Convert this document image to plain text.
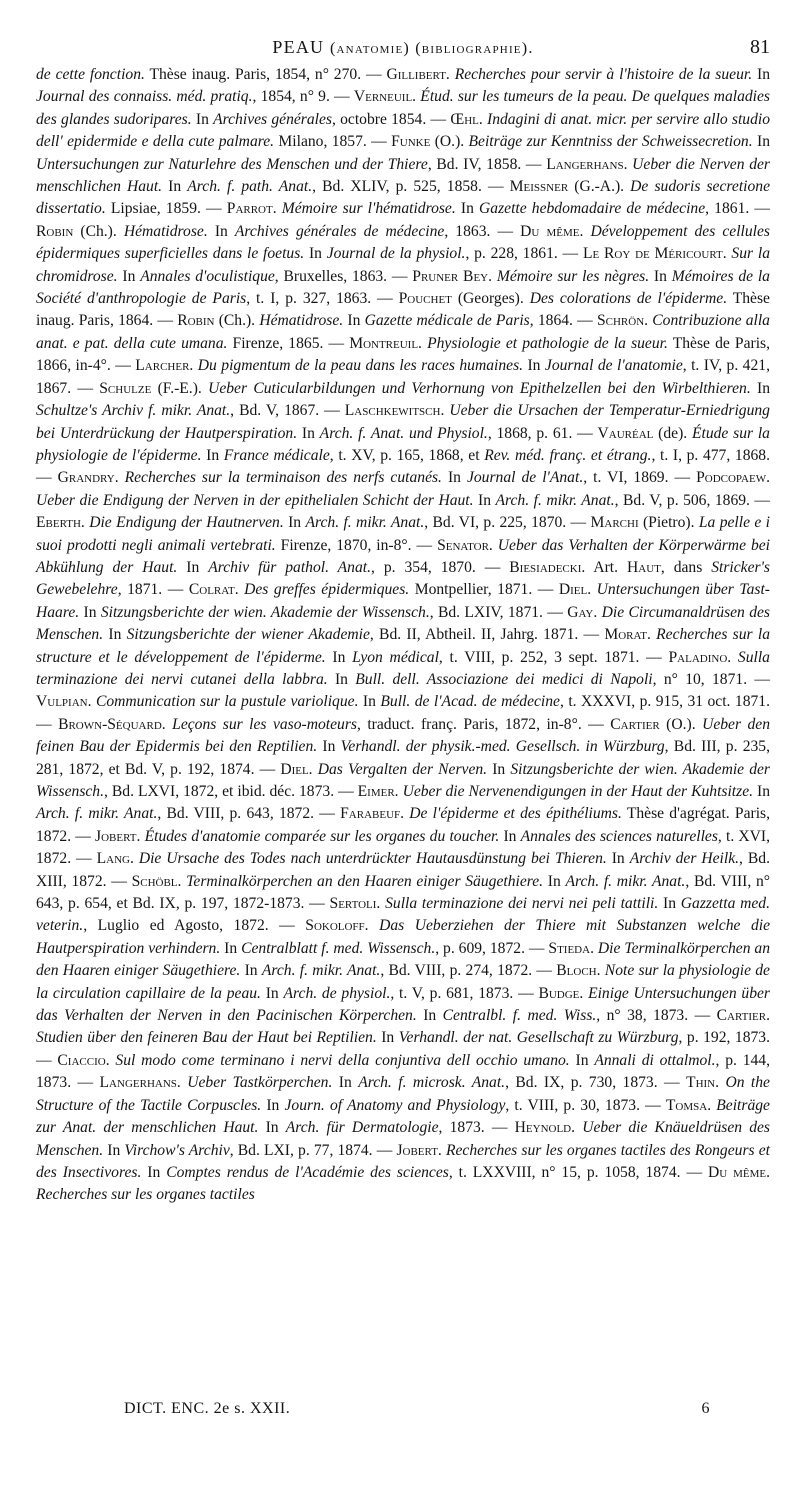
PEAU (anatomie) (bibliographie).	81

de cette fonction. Thèse inaug. Paris, 1854, n° 270. — Gillibert. Recherches pour servir à l'histoire de la sueur. In Journal des connaiss. méd. pratiq., 1854, n° 9. — Verneuil. Étud. sur les tumeurs de la peau. De quelques maladies des glandes sudoripares. In Archives générales, octobre 1854. — Œhl. Indagini di anat. micr. per servire allo studio dell' epidermide e della cute palmare. Milano, 1857. — Funke (O.). Beiträge zur Kenntniss der Schweissecretion. In Untersuchungen zur Naturlehre des Menschen und der Thiere, Bd. IV, 1858. — Langerhans. Ueber die Nerven der menschlichen Haut. In Arch. f. path. Anat., Bd. XLIV, p. 525, 1858. — Meissner (G.-A.). De sudoris secretione dissertatio. Lipsiae, 1859. — Parrot. Mémoire sur l'hématidrose. In Gazette hebdomadaire de médecine, 1861. — Robin (Ch.). Hématidrose. In Archives générales de médecine, 1863. — Du même. Développement des cellules épidermiques superficielles dans le foetus. In Journal de la physiol., p. 228, 1861. — Le Roy de Méricourt. Sur la chromidrose. In Annales d'oculistique, Bruxelles, 1863. — Pruner Bey. Mémoire sur les nègres. In Mémoires de la Société d'anthropologie de Paris, t. I, p. 327, 1863. — Pouchet (Georges). Des colorations de l'épiderme. Thèse inaug. Paris, 1864. — Robin (Ch.). Hématidrose. In Gazette médicale de Paris, 1864. — Schrön. Contribuzione alla anat. e pat. della cute umana. Firenze, 1865. — Montreuil. Physiologie et pathologie de la sueur. Thèse de Paris, 1866, in-4°. — Larcher. Du pigmentum de la peau dans les races humaines. In Journal de l'anatomie, t. IV, p. 421, 1867. — Schulze (F.-E.). Ueber Cuticularbildungen und Verhornung von Epithelzellen bei den Wirbelthieren. In Schultze's Archiv f. mikr. Anat., Bd. V, 1867. — Laschkewitsch. Ueber die Ursachen der Temperatur-Erniedrigung bei Unterdrückung der Hautperspiration. In Arch. f. Anat. und Physiol., 1868, p. 61. — Vauréal (de). Étude sur la physiologie de l'épiderme. In France médicale, t. XV, p. 165, 1868, et Rev. méd. franç. et étrang., t. I, p. 477, 1868. — Grandry. Recherches sur la terminaison des nerfs cutanés. In Journal de l'Anat., t. VI, 1869. — Podcopaew. Ueber die Endigung der Nerven in der epithelialen Schicht der Haut. In Arch. f. mikr. Anat., Bd. V, p. 506, 1869. — Eberth. Die Endigung der Hautnerven. In Arch. f. mikr. Anat., Bd. VI, p. 225, 1870. — Marchi (Pietro). La pelle e i suoi prodotti negli animali vertebrati. Firenze, 1870, in-8°. — Senator. Ueber das Verhalten der Körperwärme bei Abkühlung der Haut. In Archiv für pathol. Anat., p. 354, 1870. — Biesiadecki. Art. Haut, dans Stricker's Gewebelehre, 1871. — Colrat. Des greffes épidermiques. Montpellier, 1871. — Diel. Untersuchungen über Tast-Haare. In Sitzungsberichte der wien. Akademie der Wissensch., Bd. LXIV, 1871. — Gay. Die Circumanaldrüsen des Menschen. In Sitzungsberichte der wiener Akademie, Bd. II, Abtheil. II, Jahrg. 1871. — Morat. Recherches sur la structure et le développement de l'épiderme. In Lyon médical, t. VIII, p. 252, 3 sept. 1871. — Paladino. Sulla terminazione dei nervi cutanei della labbra. In Bull. dell. Associazione dei medici di Napoli, n° 10, 1871. — Vulpian. Communication sur la pustule variolique. In Bull. de l'Acad. de médecine, t. XXXVI, p. 915, 31 oct. 1871. — Brown-Séquard. Leçons sur les vaso-moteurs, traduct. franç. Paris, 1872, in-8°. — Cartier (O.). Ueber den feinen Bau der Epidermis bei den Reptilien. In Verhandl. der physik.-med. Gesellsch. in Würzburg, Bd. III, p. 235, 281, 1872, et Bd. V, p. 192, 1874. — Diel. Das Vergalten der Nerven. In Sitzungsberichte der wien. Akademie der Wissensch., Bd. LXVI, 1872, et ibid. déc. 1873. — Eimer. Ueber die Nervenendigungen in der Haut der Kuhtsitze. In Arch. f. mikr. Anat., Bd. VIII, p. 643, 1872. — Farabeuf. De l'épiderme et des épithéliums. Thèse d'agrégat. Paris, 1872. — Jobert. Études d'anatomie comparée sur les organes du toucher. In Annales des sciences naturelles, t. XVI, 1872. — Lang. Die Ursache des Todes nach unterdrückter Hautausdünstung bei Thieren. In Archiv der Heilk., Bd. XIII, 1872. — Schöbl. Terminalkörperchen an den Haaren einiger Säugethiere. In Arch. f. mikr. Anat., Bd. VIII, n° 643, p. 654, et Bd. IX, p. 197, 1872-1873. — Sertoli. Sulla terminazione dei nervi nei peli tattili. In Gazzetta med. veterin., Luglio ed Agosto, 1872. — Sokoloff. Das Ueberziehen der Thiere mit Substanzen welche die Hautperspiration verhindern. In Centralblatt f. med. Wissensch., p. 609, 1872. — Stieda. Die Terminalkörperchen an den Haaren einiger Säugethiere. In Arch. f. mikr. Anat., Bd. VIII, p. 274, 1872. — Bloch. Note sur la physiologie de la circulation capillaire de la peau. In Arch. de physiol., t. V, p. 681, 1873. — Budge. Einige Untersuchungen über das Verhalten der Nerven in den Pacinischen Körperchen. In Centralbl. f. med. Wiss., n° 38, 1873. — Cartier. Studien über den feineren Bau der Haut bei Reptilien. In Verhandl. der nat. Gesellschaft zu Würzburg, p. 192, 1873. — Ciaccio. Sul modo come terminano i nervi della conjuntiva dell occhio umano. In Annali di ottalmol., p. 144, 1873. — Langerhans. Ueber Tastkörperchen. In Arch. f. microsk. Anat., Bd. IX, p. 730, 1873. — Thin. On the Structure of the Tactile Corpuscles. In Journ. of Anatomy and Physiology, t. VIII, p. 30, 1873. — Tomsa. Beiträge zur Anat. der menschlichen Haut. In Arch. für Dermatologie, 1873. — Heynold. Ueber die Knäueldrüsen des Menschen. In Virchow's Archiv, Bd. LXI, p. 77, 1874. — Jobert. Recherches sur les organes tactiles des Rongeurs et des Insectivores. In Comptes rendus de l'Académie des sciences, t. LXXVIII, n° 15, p. 1058, 1874. — Du même. Recherches sur les organes tactiles

DICT. ENC. 2e s. XXII.	6
